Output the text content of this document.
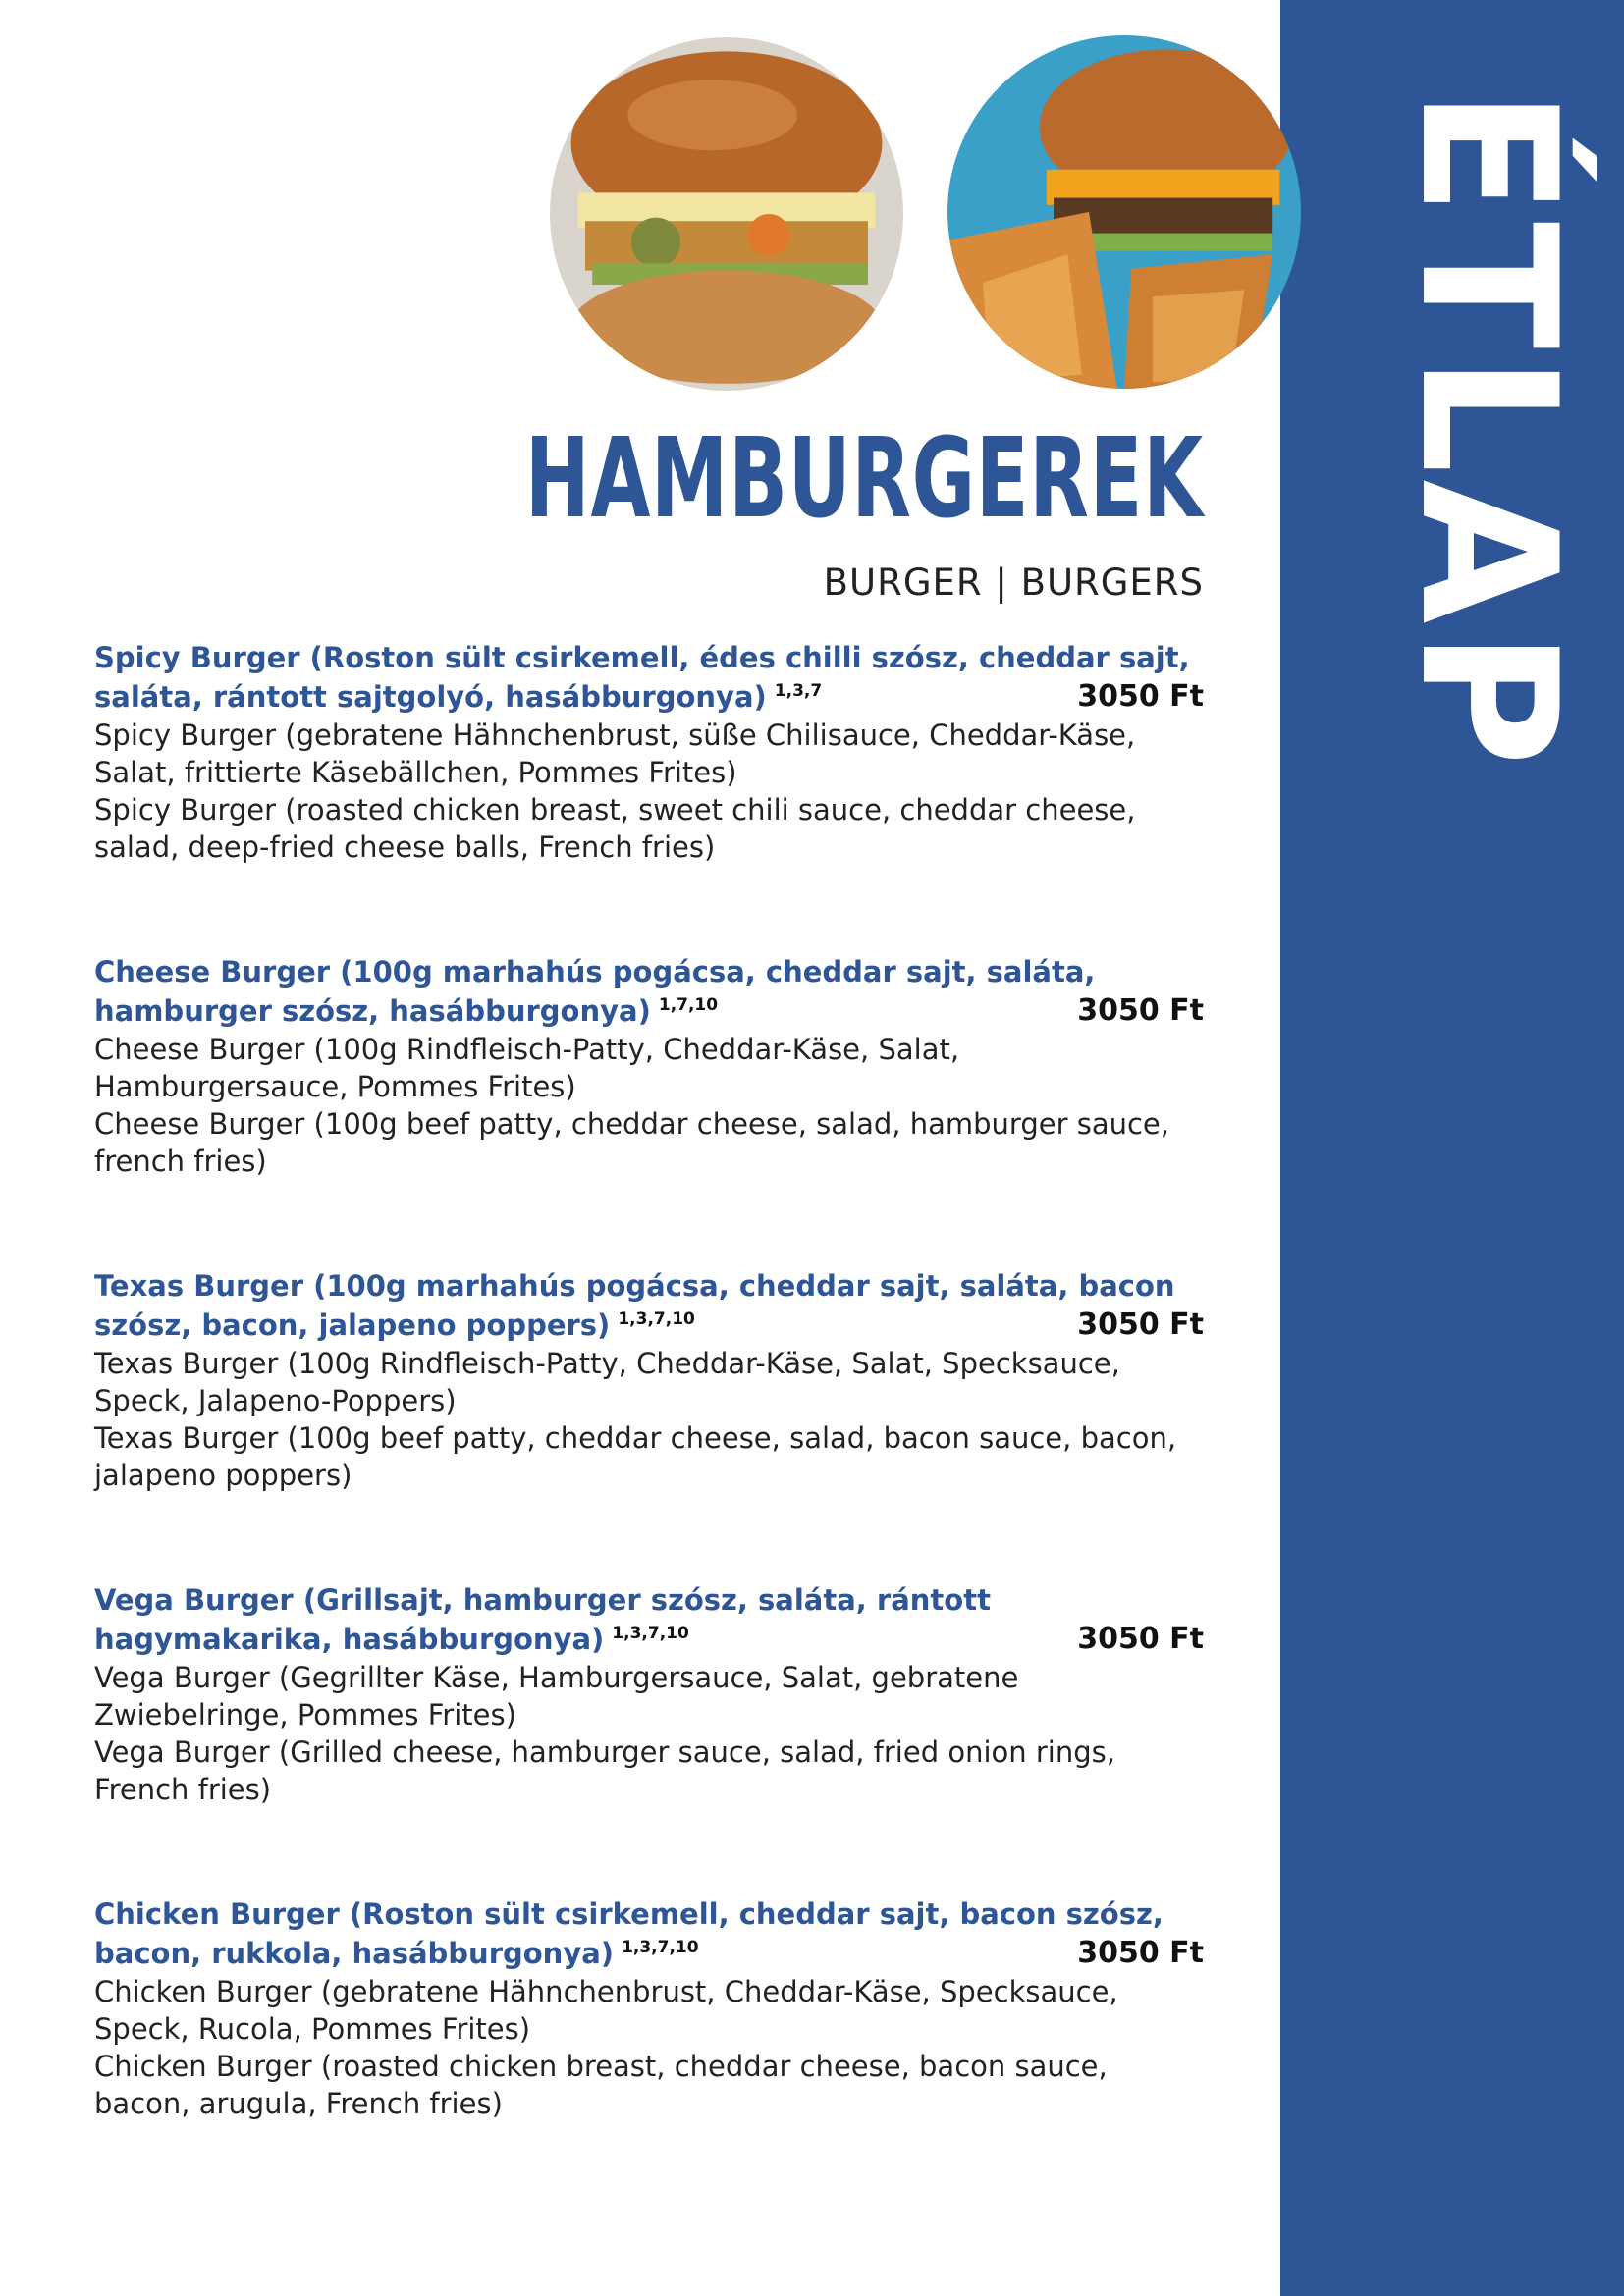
ÉTLAP
HAMBURGEREK
BURGER | BURGERS
Spicy Burger (Roston sült csirkemell, édes chilli szósz, cheddar sajt, saláta, rántott sajtgolyó, hasábburgonya) $^{1,3,7}$	3050 Ft
Spicy Burger (gebratene Hähnchenbrust, süße Chilisauce, Cheddar-Käse, Salat, frittierte Käsebällchen, Pommes Frites)
Spicy Burger (roasted chicken breast, sweet chili sauce, cheddar cheese, salad, deep-fried cheese balls, French fries)
Cheese Burger (100g marhahús pogácsa, cheddar sajt, saláta, hamburger szósz, hasábburgonya) $^{1,7,10}$	3050 Ft
Cheese Burger (100g Rindfleisch-Patty, Cheddar-Käse, Salat, Hamburgersauce, Pommes Frites)
Cheese Burger (100g beef patty, cheddar cheese, salad, hamburger sauce, french fries)
Texas Burger (100g marhahús pogácsa, cheddar sajt, saláta, bacon szósz, bacon, jalapeno poppers) $^{1,3,7,10}$	3050 Ft
Texas Burger (100g Rindfleisch-Patty, Cheddar-Käse, Salat, Specksauce, Speck, Jalapeno-Poppers)
Texas Burger (100g beef patty, cheddar cheese, salad, bacon sauce, bacon, jalapeno poppers)
Vega Burger (Grillsajt, hamburger szósz, saláta, rántott hagymakarika, hasábburgonya) $^{1,3,7,10}$	3050 Ft
Vega Burger (Gegrillter Käse, Hamburgersauce, Salat, gebratene Zwiebelringe, Pommes Frites)
Vega Burger (Grilled cheese, hamburger sauce, salad, fried onion rings, French fries)
Chicken Burger (Roston sült csirkemell, cheddar sajt, bacon szósz, bacon, rukkola, hasábburgonya) $^{1,3,7,10}$	3050 Ft
Chicken Burger (gebratene Hähnchenbrust, Cheddar-Käse, Specksauce, Speck, Rucola, Pommes Frites)
Chicken Burger (roasted chicken breast, cheddar cheese, bacon sauce, bacon, arugula, French fries)
